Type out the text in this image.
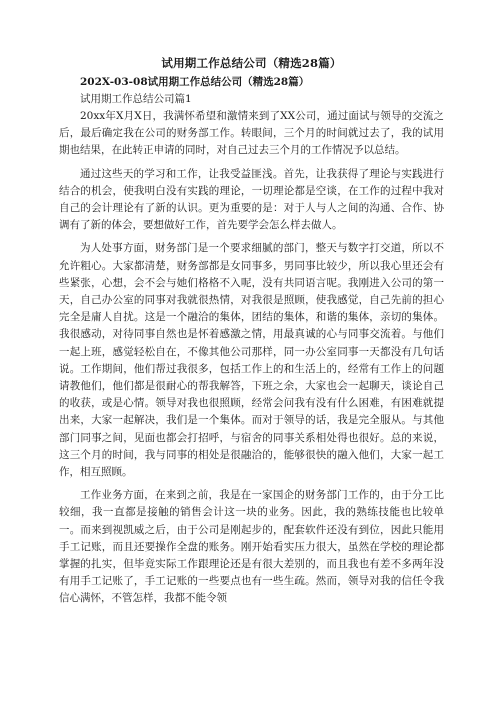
试用期工作总结公司（精选28篇）

202X-03-08试用期工作总结公司（精选28篇）

试用期工作总结公司篇1

20xx年X月X日，我满怀希望和激情来到了XX公司，通过面试与领导的交流之后，最后确定我在公司的财务部工作。转眼间，三个月的时间就过去了，我的试用期也结果，在此转正申请的同时，对自己过去三个月的工作情况予以总结。

通过这些天的学习和工作，让我受益匪浅。首先，让我获得了理论与实践进行结合的机会，使我明白没有实践的理论，一切理论都是空谈，在工作的过程中我对自己的会计理论有了新的认识。更为重要的是：对于人与人之间的沟通、合作、协调有了新的体会，要想做好工作，首先要学会怎么样去做人。

为人处事方面，财务部门是一个要求细腻的部门，整天与数字打交道，所以不允许粗心。大家都清楚，财务部都是女同事多，男同事比较少，所以我心里还会有些紧张，心想，会不会与她们格格不入呢，没有共同语言呢。我刚进入公司的第一天，自己办公室的同事对我就很热情，对我很是照顾，使我感觉，自己先前的担心完全是庸人自扰。这是一个融洽的集体，团结的集体，和谐的集体，亲切的集体。我很感动，对待同事自然也是怀着感激之情，用最真诚的心与同事交流着。与他们一起上班，感觉轻松自在，不像其他公司那样，同一办公室同事一天都没有几句话说。工作期间，他们帮过我很多，包括工作上的和生活上的，经常有工作上的问题请教他们，他们都是很耐心的帮我解答，下班之余，大家也会一起聊天，谈论自己的收获，或是心情。领导对我也很照顾，经常会问我有没有什么困难，有困难就提出来，大家一起解决，我们是一个集体。而对于领导的话，我是完全服从。与其他部门同事之间，见面也都会打招呼，与宿舍的同事关系相处得也很好。总的来说，这三个月的时间，我与同事的相处是很融洽的，能够很快的融入他们，大家一起工作，相互照顾。

工作业务方面，在来到之前，我是在一家国企的财务部门工作的，由于分工比较细，我一直都是接触的销售会计这一块的业务。因此，我的熟练技能也比较单一。而来到视凯威之后，由于公司是刚起步的，配套软件还没有到位，因此只能用手工记账，而且还要操作全盘的账务。刚开始看实压力很大，虽然在学校的理论都掌握的扎实，但毕竟实际工作跟理论还是有很大差别的，而且我也有差不多两年没有用手工记账了，手工记账的一些要点也有一些生疏。然而，领导对我的信任令我信心满怀，不管怎样，我都不能令领
